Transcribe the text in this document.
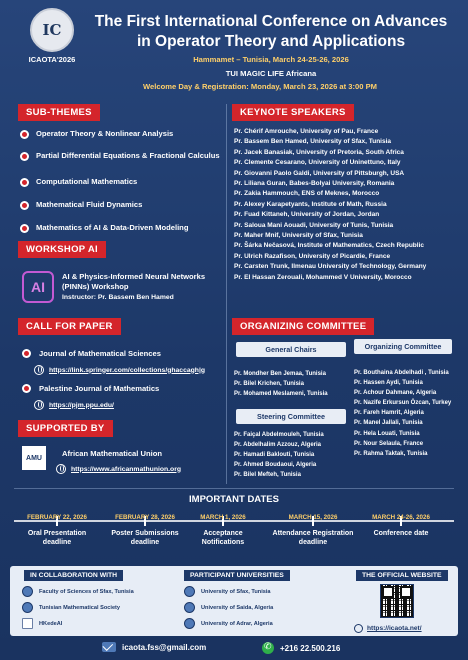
IC
ICAOTA'2026
The First International Conference on Advances
in Operator Theory and Applications
Hammamet – Tunisia, March 24-25-26, 2026
TUI MAGIC LIFE Africana
Welcome Day & Registration: Monday, March 23, 2026 at 3:00 PM
SUB-THEMES
Operator Theory & Nonlinear Analysis
Partial Differential Equations & Fractional Calculus
Computational Mathematics
Mathematical Fluid Dynamics
Mathematics of AI & Data-Driven Modeling
WORKSHOP AI
AI
AI & Physics-Informed Neural Networks (PINNs) Workshop
Instructor: Pr. Bassem Ben Hamed
CALL FOR PAPER
Journal of Mathematical Sciences
https://link.springer.com/collections/ghaccagh|g
Palestine Journal of Mathematics
https://pjm.ppu.edu/
SUPPORTED BY
AMU	African Mathematical Union
https://www.africanmathunion.org
KEYNOTE SPEAKERS
Pr. Chérif Amrouche, University of Pau, France
Pr. Bassem Ben Hamed, University of Sfax, Tunisia
Pr. Jacek Banasiak, University of Pretoria, South Africa
Pr. Clemente Cesarano, University of Uninettuno, Italy
Pr. Giovanni Paolo Galdi, University of Pittsburgh, USA
Pr. Liliana Guran, Babes-Bolyai University, Romania
Pr. Zakia Hammouch, ENS of Meknes, Morocco
Pr. Alexey Karapetyants, Institute of Math, Russia
Pr. Fuad Kittaneh, University of Jordan, Jordan
Pr. Saloua Mani Aouadi, University of Tunis, Tunisia
Pr. Maher Mnif, University of Sfax, Tunisia
Pr. Šárka Nečasová, Institute of Mathematics, Czech Republic
Pr. Ulrich Razafison, University of Picardie, France
Pr. Carsten Trunk, Ilmenau University of Technology, Germany
Pr. El Hassan Zerouali, Mohammed V University, Morocco
ORGANIZING COMMITTEE
General Chairs
Pr. Mondher Ben Jemaa, Tunisia
Pr. Bilel Krichen, Tunisia
Pr. Mohamed Meslameni, Tunisia
Steering Committee
Pr. Faiçal Abdelmouleh, Tunisia
Pr. Abdelhalim Azzouz, Algeria
Pr. Hamadi Baklouti, Tunisia
Pr. Ahmed Boudaoui, Algeria
Pr. Bilel Mefteh, Tunisia
Organizing Committee
Pr. Bouthaina Abdelhadi , Tunisia
Pr. Hassen Aydi, Tunisia
Pr. Achour Dahmane, Algeria
Pr. Nazife Erkursun Özcan, Turkey
Pr. Fareh Hamrit, Algeria
Pr. Manel Jallali, Tunisia
Pr. Hela Louati, Tunisia
Pr. Nour Selaula, France
Pr. Rahma Taktak, Tunisia
IMPORTANT DATES
FEBRUARY 22, 2026
Oral Presentation deadline
FEBRUARY 28, 2026
Poster Submissions deadline
MARCH 1, 2026
Acceptance Notifications
MARCH 15, 2026
Attendance Registration deadline
MARCH 24-26, 2026
Conference date
IN COLLABORATION WITH
Faculty of Sciences of Sfax, Tunisia
Tunisian Mathematical Society
HKedeAI
PARTICIPANT UNIVERSITIES
University of Sfax, Tunisia
University of Saida, Algeria
University of Adrar, Algeria
THE OFFICIAL WEBSITE
https://icaota.net/
icaota.fss@gmail.com
✆	+216 22.500.216
